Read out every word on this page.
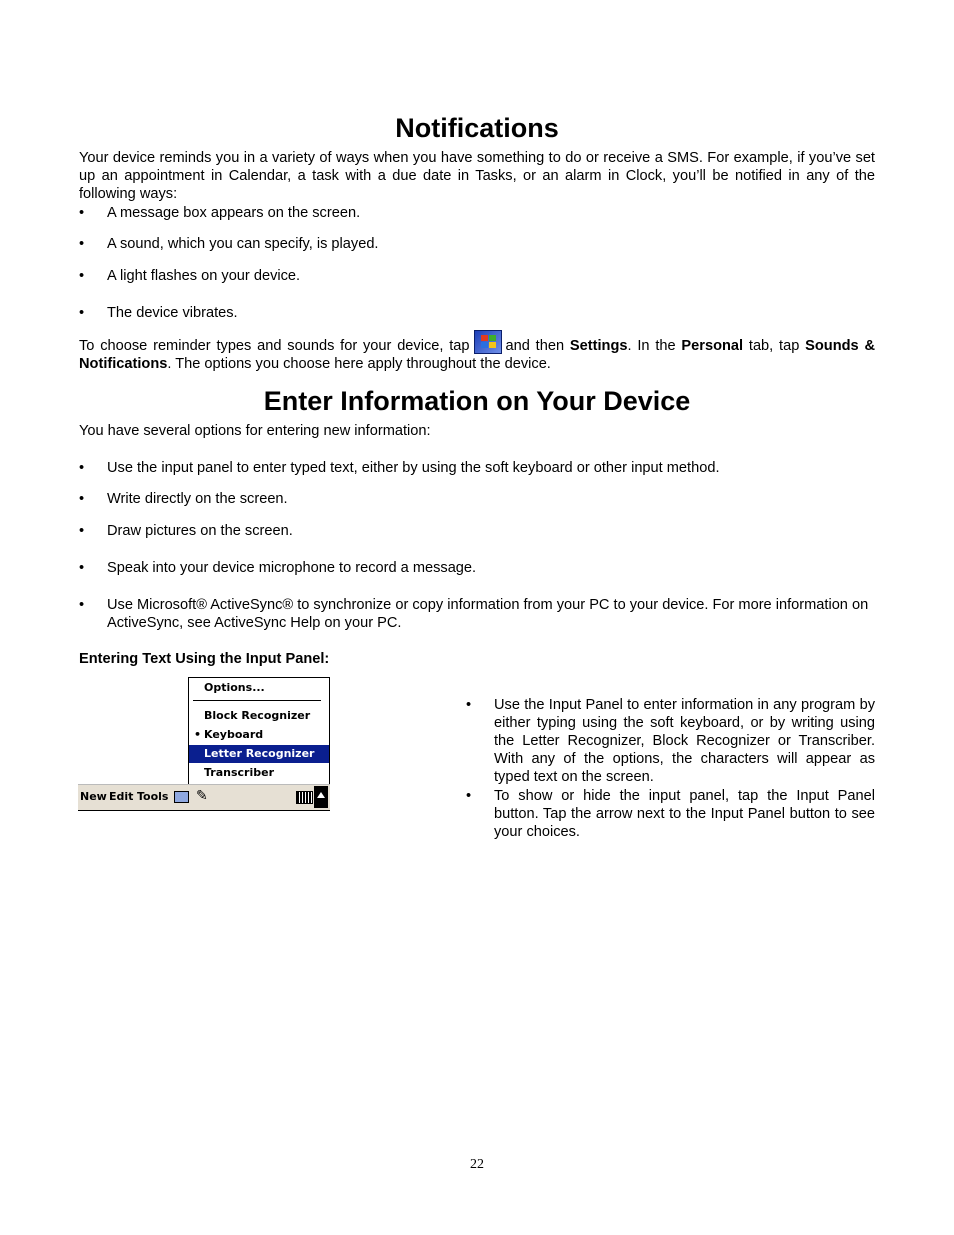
Notifications

Your device reminds you in a variety of ways when you have something to do or receive a SMS. For example, if you’ve set up an appointment in Calendar, a task with a due date in Tasks, or an alarm in Clock, you’ll be notified in any of the following ways:

• A message box appears on the screen.
• A sound, which you can specify, is played.
• A light flashes on your device.
• The device vibrates.

To choose reminder types and sounds for your device, tap and then Settings. In the Personal tab, tap Sounds & Notifications. The options you choose here apply throughout the device.

Enter Information on Your Device

You have several options for entering new information:

• Use the input panel to enter typed text, either by using the soft keyboard or other input method.
• Write directly on the screen.
• Draw pictures on the screen.
• Speak into your device microphone to record a message.
• Use Microsoft® ActiveSync® to synchronize or copy information from your PC to your device. For more information on ActiveSync, see ActiveSync Help on your PC.
Entering Text Using the Input Panel:
Options...
Block Recognizer
• Keyboard
Letter Recognizer
Transcriber
New Edit Tools ✎
• Use the Input Panel to enter information in any program by either typing using the soft keyboard, or by writing using the Letter Recognizer, Block Recognizer or Transcriber. With any of the options, the characters will appear as typed text on the screen.
• To show or hide the input panel, tap the Input Panel button. Tap the arrow next to the Input Panel button to see your choices.
22
